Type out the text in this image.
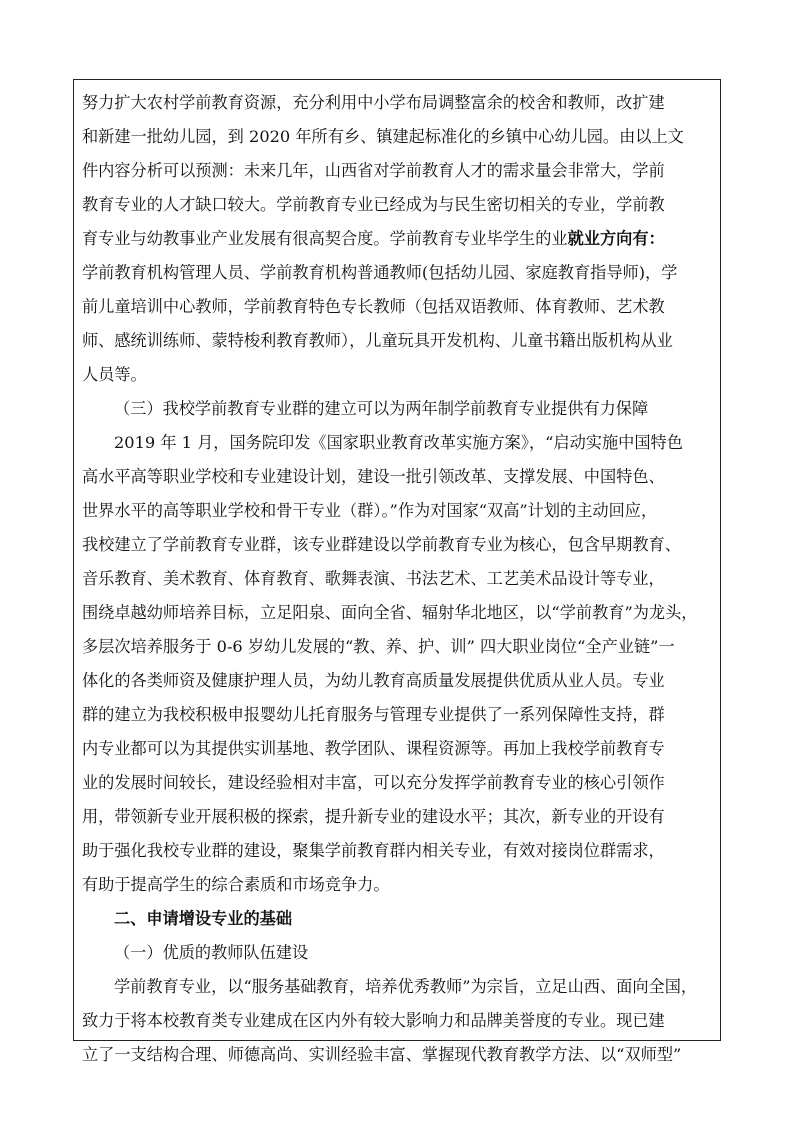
努力扩大农村学前教育资源，充分利用中小学布局调整富余的校舍和教师，改扩建
和新建一批幼儿园，到 2020 年所有乡、镇建起标准化的乡镇中心幼儿园。由以上文
件内容分析可以预测：未来几年，山西省对学前教育人才的需求量会非常大，学前
教育专业的人才缺口较大。学前教育专业已经成为与民生密切相关的专业，学前教
育专业与幼教事业产业发展有很高契合度。学前教育专业毕学生的业就业方向有：
学前教育机构管理人员、学前教育机构普通教师(包括幼儿园、家庭教育指导师)，学
前儿童培训中心教师，学前教育特色专长教师（包括双语教师、体育教师、艺术教
师、感统训练师、蒙特梭利教育教师），儿童玩具开发机构、儿童书籍出版机构从业
人员等。
（三）我校学前教育专业群的建立可以为两年制学前教育专业提供有力保障
2019 年 1 月，国务院印发《国家职业教育改革实施方案》，“启动实施中国特色
高水平高等职业学校和专业建设计划，建设一批引领改革、支撑发展、中国特色、
世界水平的高等职业学校和骨干专业（群）。”作为对国家“双高”计划的主动回应，
我校建立了学前教育专业群，该专业群建设以学前教育专业为核心，包含早期教育、
音乐教育、美术教育、体育教育、歌舞表演、书法艺术、工艺美术品设计等专业，
围绕卓越幼师培养目标，立足阳泉、面向全省、辐射华北地区，以“学前教育”为龙头，
多层次培养服务于 0-6 岁幼儿发展的“教、养、护、训” 四大职业岗位“全产业链”一
体化的各类师资及健康护理人员，为幼儿教育高质量发展提供优质从业人员。专业
群的建立为我校积极申报婴幼儿托育服务与管理专业提供了一系列保障性支持，群
内专业都可以为其提供实训基地、教学团队、课程资源等。再加上我校学前教育专
业的发展时间较长，建设经验相对丰富，可以充分发挥学前教育专业的核心引领作
用，带领新专业开展积极的探索，提升新专业的建设水平；其次，新专业的开设有
助于强化我校专业群的建设，聚集学前教育群内相关专业，有效对接岗位群需求，
有助于提高学生的综合素质和市场竞争力。
二、申请增设专业的基础
（一）优质的教师队伍建设
学前教育专业，以“服务基础教育，培养优秀教师”为宗旨，立足山西、面向全国，
致力于将本校教育类专业建成在区内外有较大影响力和品牌美誉度的专业。现已建
立了一支结构合理、师德高尚、实训经验丰富、掌握现代教育教学方法、以“双师型”
